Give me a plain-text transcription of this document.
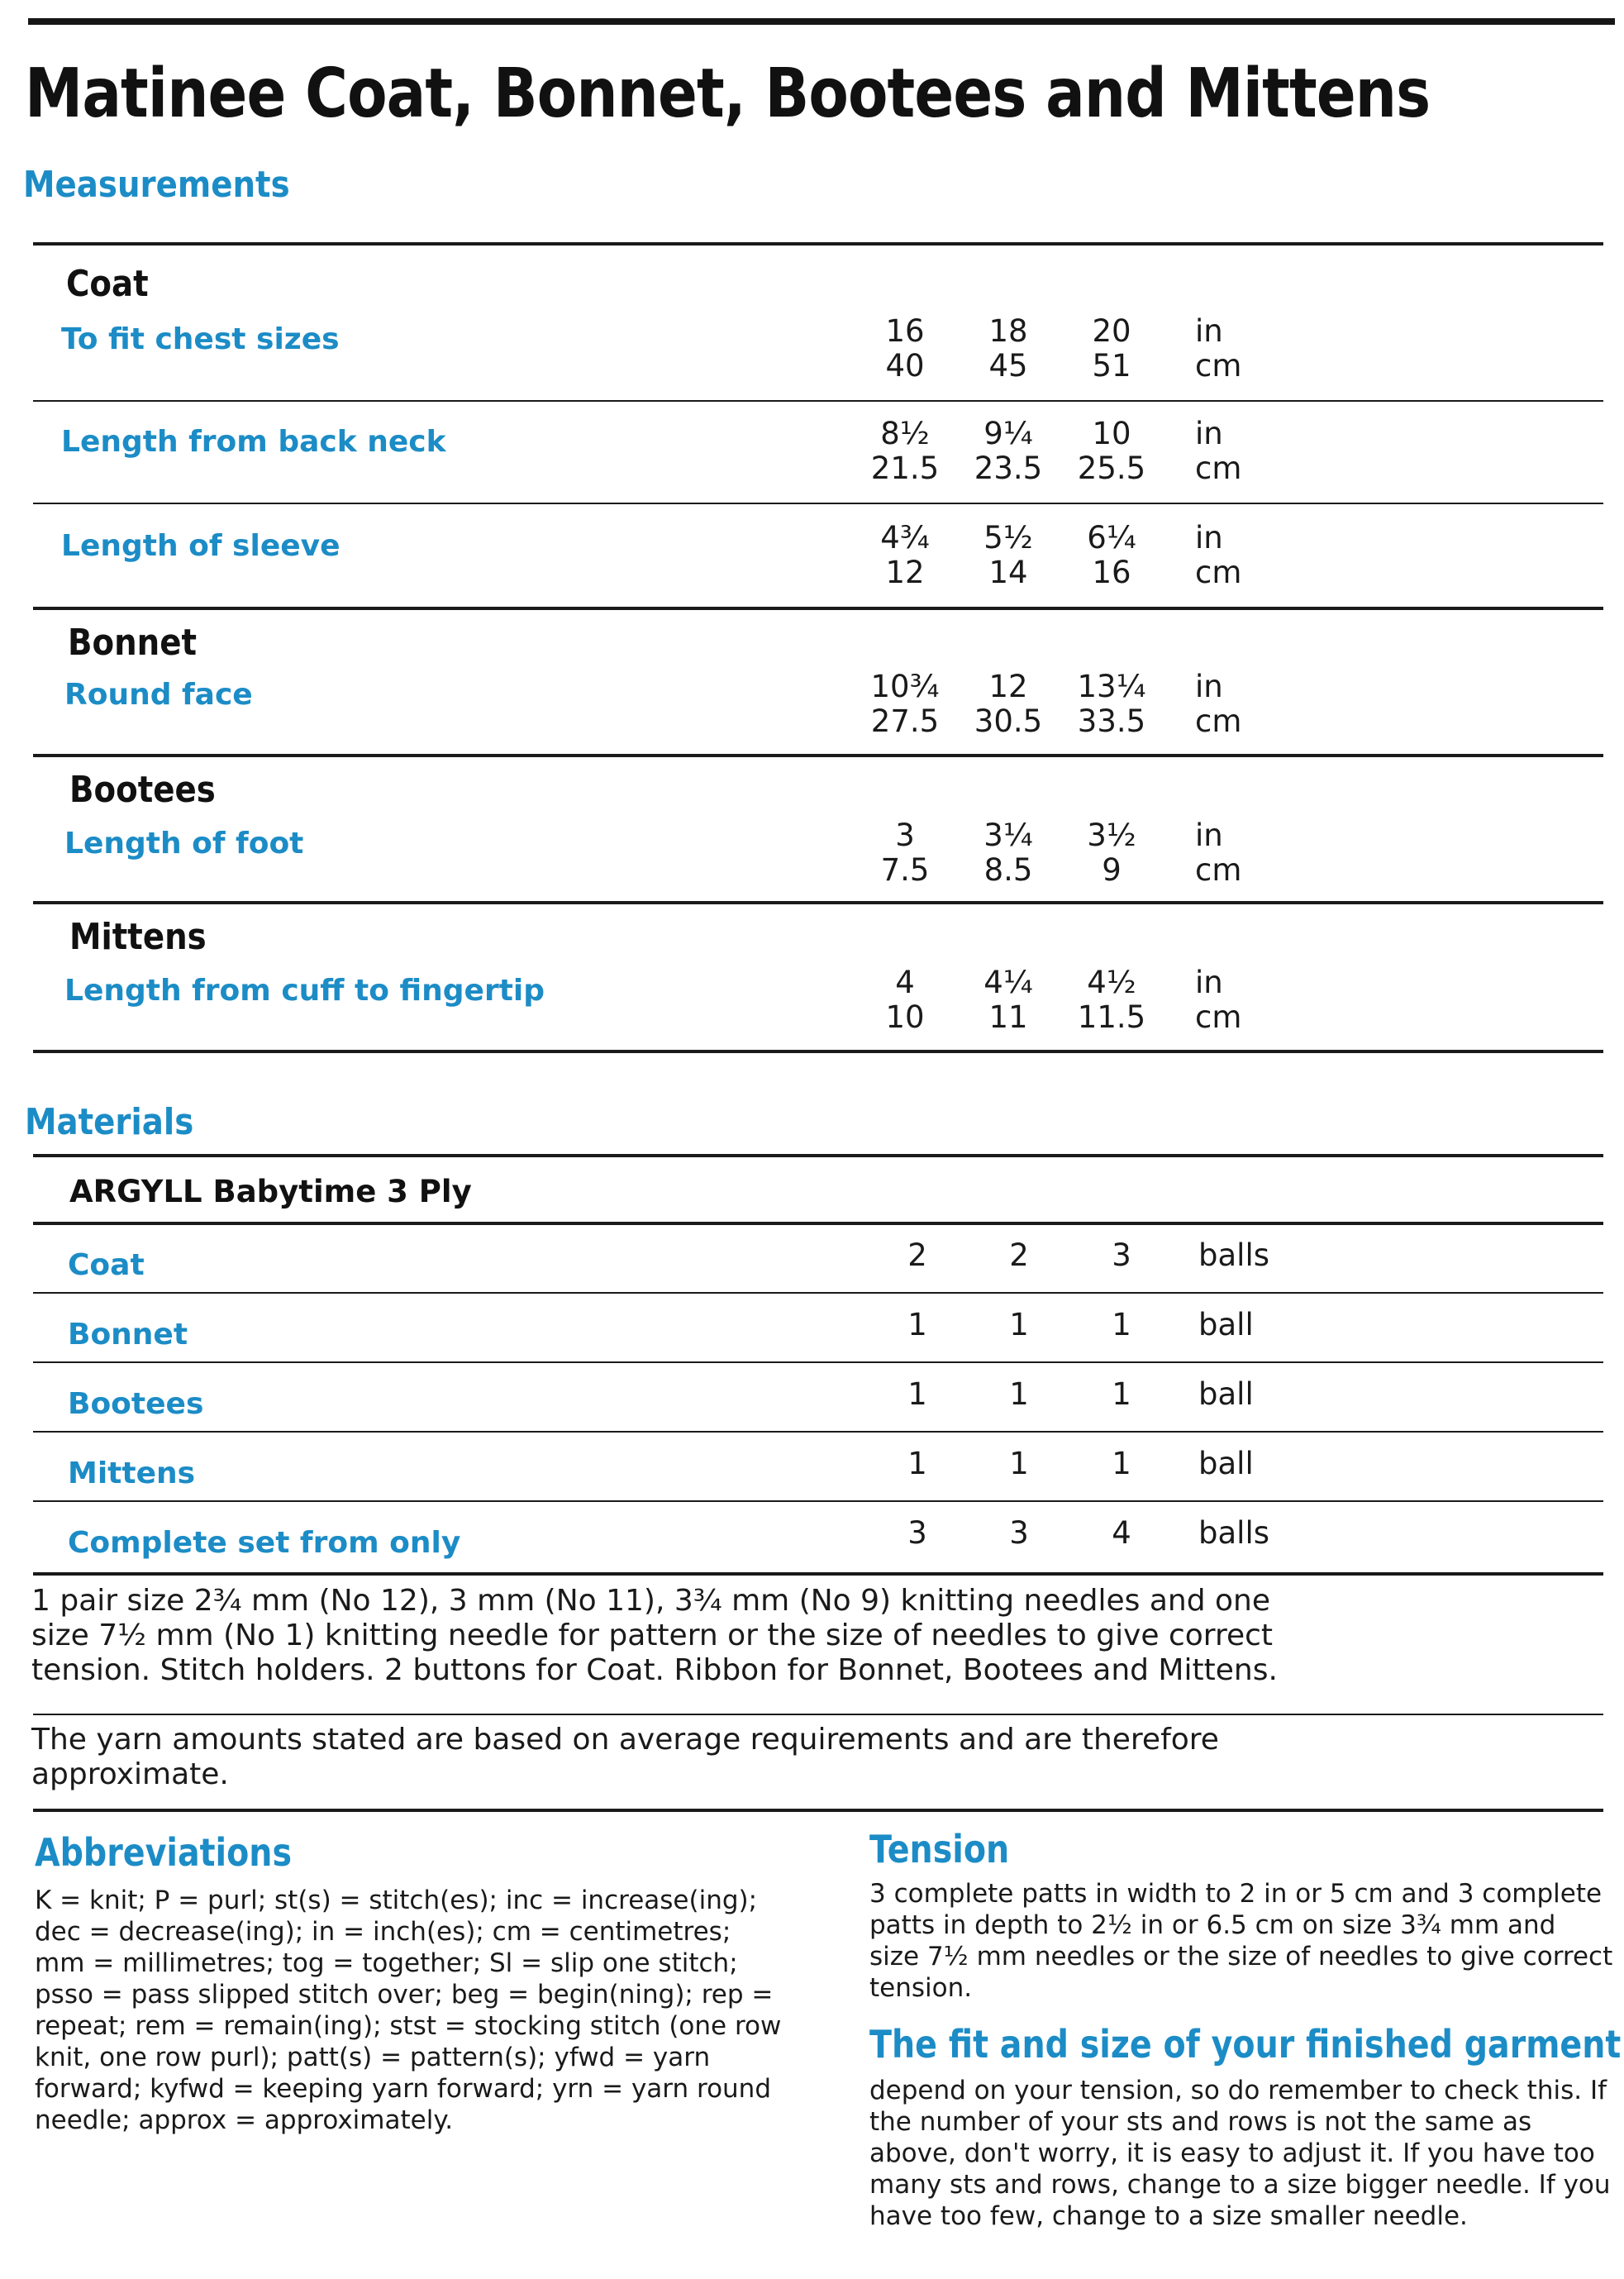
Matinee Coat, Bonnet, Bootees and Mittens
Measurements
Coat
To fit chest sizes	16	18	20	in
40	45	51	cm
Length from back neck	8½	9¼	10	in
21.5	23.5	25.5	cm
Length of sleeve	4¾	5½	6¼	in
12	14	16	cm
Bonnet
Round face	10¾	12	13¼	in
27.5	30.5	33.5	cm
Bootees
Length of foot	3	3¼	3½	in
7.5	8.5	9	cm
Mittens
Length from cuff to fingertip	4	4¼	4½	in
10	11	11.5	cm
Materials
ARGYLL Babytime 3 Ply
Coat	2	2	3	balls
Bonnet	1	1	1	ball
Bootees	1	1	1	ball
Mittens	1	1	1	ball
Complete set from only	3	3	4	balls

1 pair size 2¾ mm (No 12), 3 mm (No 11), 3¾ mm (No 9) knitting needles and one size 7½ mm (No 1) knitting needle for pattern or the size of needles to give correct tension. Stitch holders. 2 buttons for Coat. Ribbon for Bonnet, Bootees and Mittens.

The yarn amounts stated are based on average requirements and are therefore approximate.

Abbreviations

K = knit; P = purl; st(s) = stitch(es); inc = increase(ing); dec = decrease(ing); in = inch(es); cm = centimetres; mm = millimetres; tog = together; Sl = slip one stitch; psso = pass slipped stitch over; beg = begin(ning); rep = repeat; rem = remain(ing); stst = stocking stitch (one row knit, one row purl); patt(s) = pattern(s); yfwd = yarn forward; kyfwd = keeping yarn forward; yrn = yarn round needle; approx = approximately.

Tension

3 complete patts in width to 2 in or 5 cm and 3 complete patts in depth to 2½ in or 6.5 cm on size 3¾ mm and size 7½ mm needles or the size of needles to give correct tension.

The fit and size of your finished garment

depend on your tension, so do remember to check this. If the number of your sts and rows is not the same as above, don't worry, it is easy to adjust it. If you have too many sts and rows, change to a size bigger needle. If you have too few, change to a size smaller needle.
